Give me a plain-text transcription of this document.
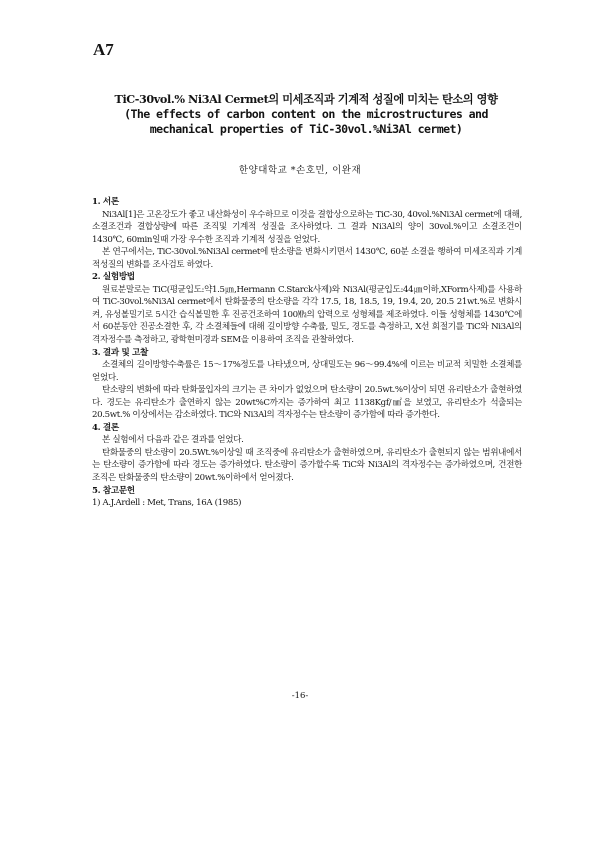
A7
TiC-30vol.% Ni3Al Cermet의 미세조직과 기계적 성질에 미치는 탄소의 영향
(The effects of carbon content on the microstructures and
mechanical properties of TiC-30vol.%Ni3Al cermet)
한양대학교 *손호민, 이완재
1. 서론

Ni3Al[1]은 고온강도가 좋고 내산화성이 우수하므로 이것을 결합상으로하는 TiC-30, 40vol.%Ni3Al cermet에 대해, 소결조건과 결합상량에 따른 조직및 기계적 성질을 조사하였다. 그 결과 Ni3Al의 양이 30vol.%이고 소결조건이 1430℃, 60min일때 가장 우수한 조직과 기계적 성질을 얻었다.

본 연구에서는, TiC-30vol.%Ni3Al cermet에 탄소량을 변화시키면서 1430℃, 60분 소결을 행하여 미세조직과 기계적성질의 변화를 조사검토 하였다.

2. 실험방법

원료분말로는 TiC(평균입도:약1.5㎛,Hermann C.Starck사제)와 Ni3Al(평균입도:44㎛이하,XForm사제)를 사용하여 TiC-30vol.%Ni3Al cermet에서 탄화물중의 탄소량을 각각 17.5, 18, 18.5, 19, 19.4, 20, 20.5 21wt.%로 변화시켜, 유성볼밀기로 5시간 습식볼밀한 후 진공건조하여 100㎫의 압력으로 성형체를 제조하였다. 이들 성형체를 1430℃에서 60분동안 진공소결한 후, 각 소결체들에 대해 길이방향 수축률, 밀도, 경도를 측정하고, X선 회절기를 TiC와 Ni3Al의 격자정수를 측정하고, 광학현미경과 SEM을 이용하여 조직을 관찰하였다.

3. 결과 및 고찰

소결체의 길이방향수축률은 15～17%정도를 나타냈으며, 상대밀도는 96～99.4%에 이르는 비교적 치밀한 소결체를 얻었다.

탄소량의 변화에 따라 탄화물입자의 크기는 큰 차이가 없었으며 탄소량이 20.5wt.%이상이 되면 유리탄소가 출현하였다. 경도는 유리탄소가 출연하지 않는 20wt%C까지는 증가하여 최고 1138Kgf/㎟을 보였고, 유리탄소가 석출되는 20.5wt.% 이상에서는 감소하였다. TiC와 Ni3Al의 격자정수는 탄소량이 증가함에 따라 증가한다.

4. 결론

본 실험에서 다음과 같은 결과를 얻었다.

탄화물중의 탄소량이 20.5Wt.%이상일 때 조직중에 유리탄소가 출현하였으며, 유리탄소가 출현되지 않는 범위내에서는 탄소량이 증가함에 따라 경도는 증가하였다. 탄소량이 증가할수록 TiC와 Ni3Al의 격자정수는 증가하였으며, 건전한 조직은 탄화물중의 탄소량이 20wt.%이하에서 얻어졌다.

5. 참고문헌
1) A.J.Ardell : Met, Trans, 16A (1985)
-16-
